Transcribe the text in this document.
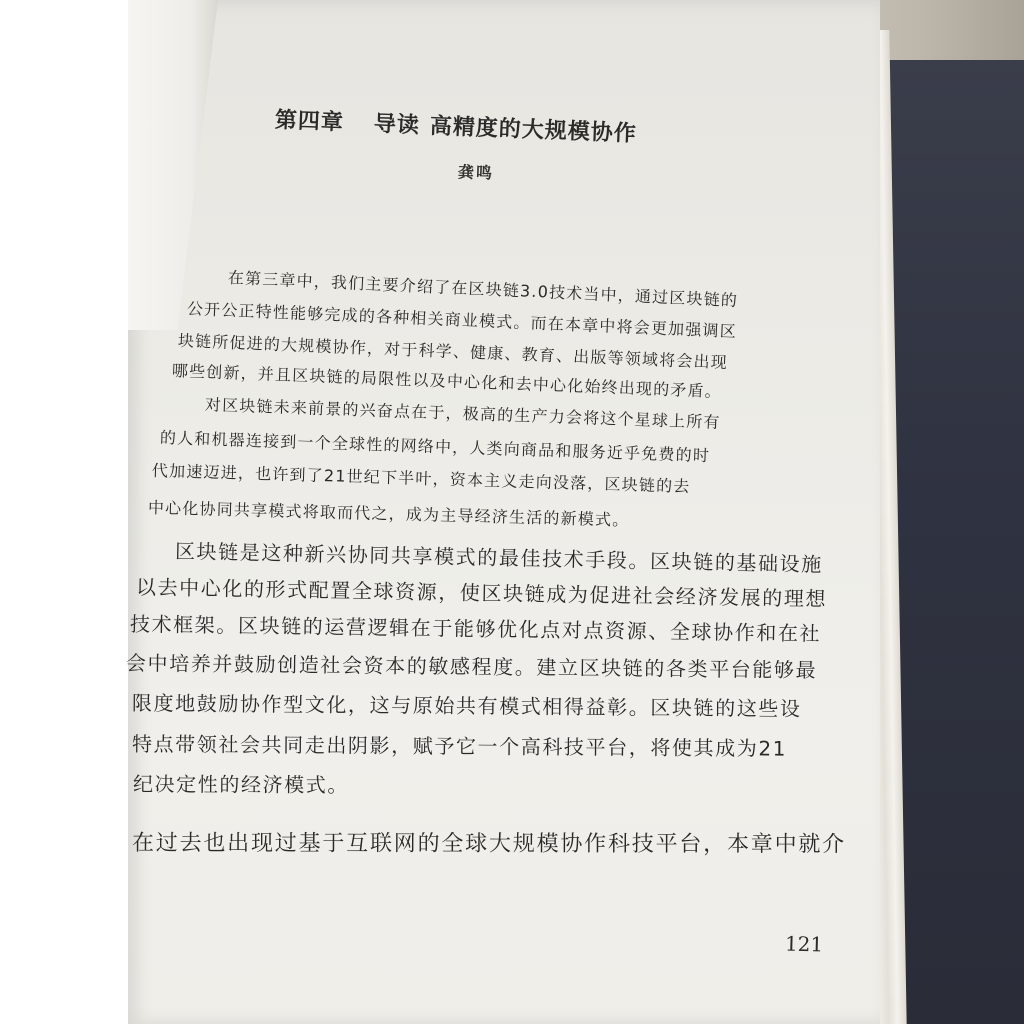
第四章 导读 高精度的大规模协作
龚鸣
在第三章中，我们主要介绍了在区块链3.0技术当中，通过区块链的
公开公正特性能够完成的各种相关商业模式。而在本章中将会更加强调区
块链所促进的大规模协作，对于科学、健康、教育、出版等领域将会出现
哪些创新，并且区块链的局限性以及中心化和去中心化始终出现的矛盾。
对区块链未来前景的兴奋点在于，极高的生产力会将这个星球上所有
的人和机器连接到一个全球性的网络中，人类向商品和服务近乎免费的时
代加速迈进，也许到了21世纪下半叶，资本主义走向没落，区块链的去
中心化协同共享模式将取而代之，成为主导经济生活的新模式。
区块链是这种新兴协同共享模式的最佳技术手段。区块链的基础设施
以去中心化的形式配置全球资源，使区块链成为促进社会经济发展的理想
技术框架。区块链的运营逻辑在于能够优化点对点资源、全球协作和在社
会中培养并鼓励创造社会资本的敏感程度。建立区块链的各类平台能够最
限度地鼓励协作型文化，这与原始共有模式相得益彰。区块链的这些设
特点带领社会共同走出阴影，赋予它一个高科技平台，将使其成为21
纪决定性的经济模式。
在过去也出现过基于互联网的全球大规模协作科技平台，本章中就介
121
